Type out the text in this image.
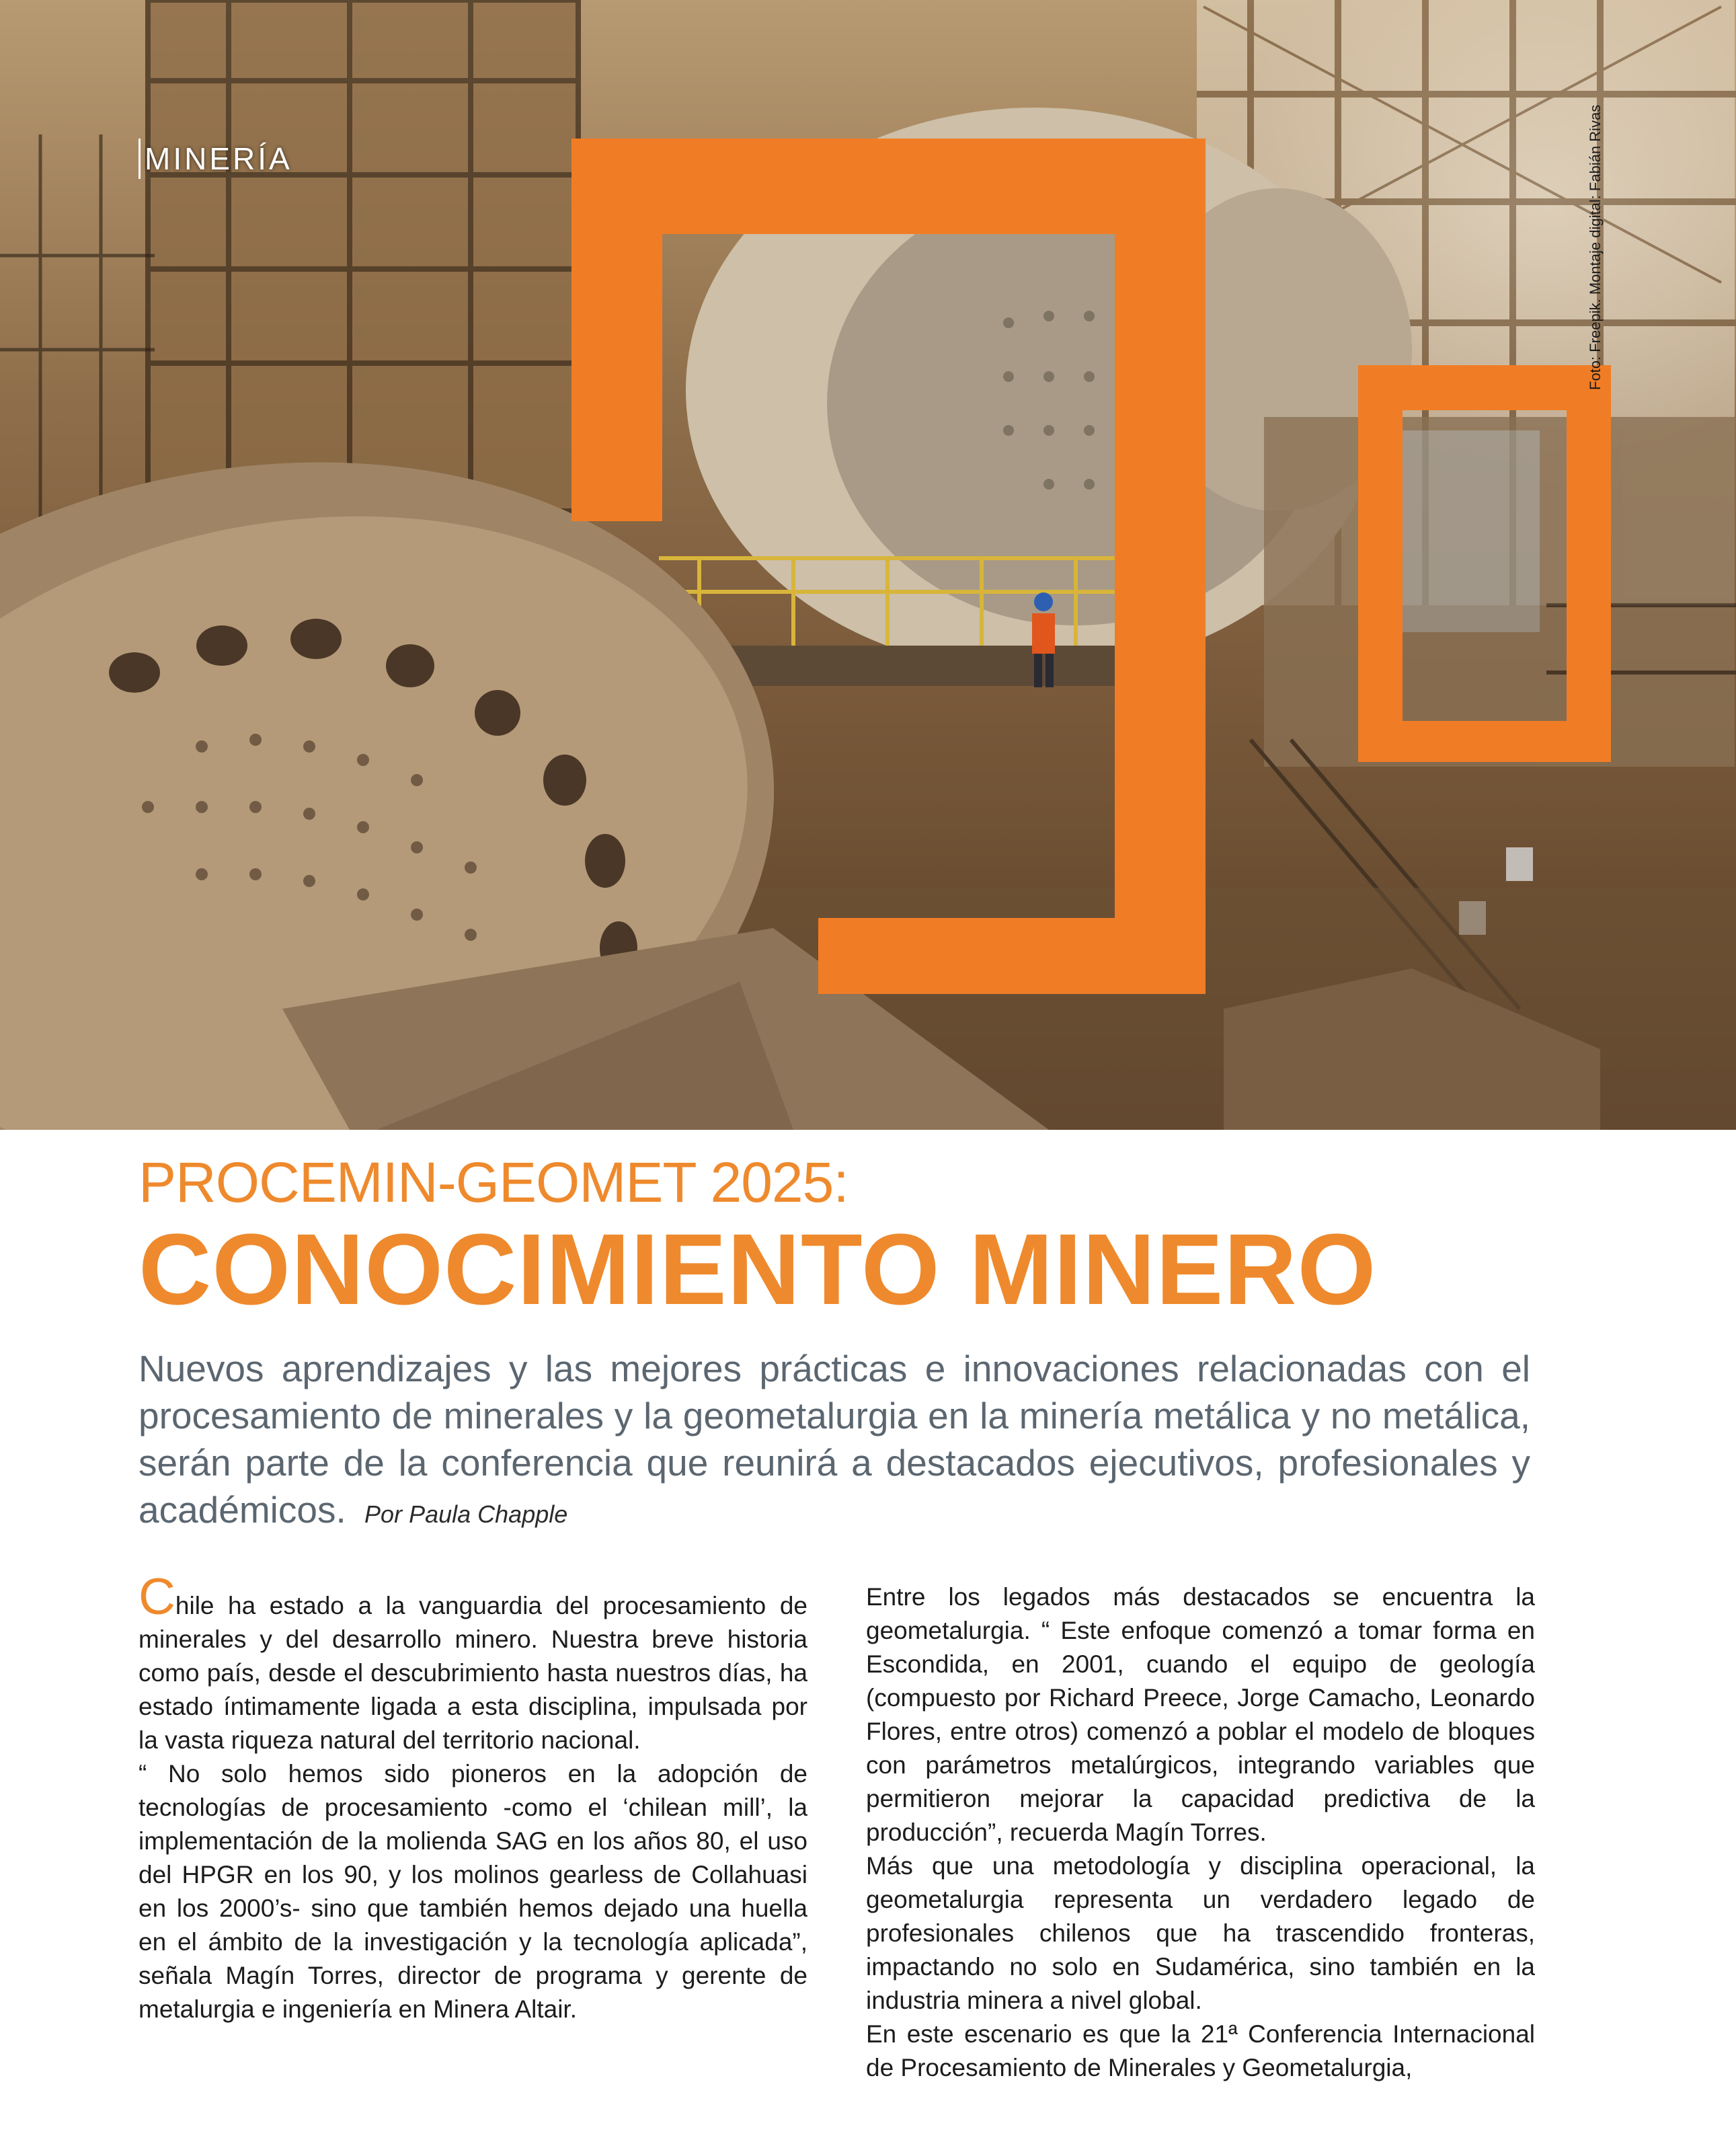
MINERÍA	Foto: Freepik. Montaje digital: Fabián Rivas
PROCEMIN-GEOMET 2025:
CONOCIMIENTO MINERO
Nuevos aprendizajes y las mejores prácticas e innovaciones relacionadas con el procesamiento de minerales y la geometalurgia en la minería metálica y no metálica, serán parte de la conferencia que reunirá a destacados ejecutivos, profesionales y académicos. Por Paula Chapple

Chile ha estado a la vanguardia del procesamiento de minerales y del desarrollo minero. Nuestra breve historia como país, desde el descubrimiento hasta nuestros días, ha estado íntimamente ligada a esta disciplina, impulsada por la vasta riqueza natural del territorio nacional.

“ No solo hemos sido pioneros en la adopción de tecnologías de procesamiento -como el ‘chilean mill’, la implementación de la molienda SAG en los años 80, el uso del HPGR en los 90, y los molinos gearless de Collahuasi en los 2000’s- sino que también hemos dejado una huella en el ámbito de la investigación y la tecnología aplicada”, señala Magín Torres, director de programa y gerente de metalurgia e ingeniería en Minera Altair.

Entre los legados más destacados se encuentra la geometalurgia. “ Este enfoque comenzó a tomar forma en Escondida, en 2001, cuando el equipo de geología (compuesto por Richard Preece, Jorge Camacho, Leonardo Flores, entre otros) comenzó a poblar el modelo de bloques con parámetros metalúrgicos, integrando variables que permitieron mejorar la capacidad predictiva de la producción”, recuerda Magín Torres.

Más que una metodología y disciplina operacional, la geometalurgia representa un verdadero legado de profesionales chilenos que ha trascendido fronteras, impactando no solo en Sudamérica, sino también en la industria minera a nivel global.

En este escenario es que la 21ª Conferencia Internacional de Procesamiento de Minerales y Geometalurgia,
